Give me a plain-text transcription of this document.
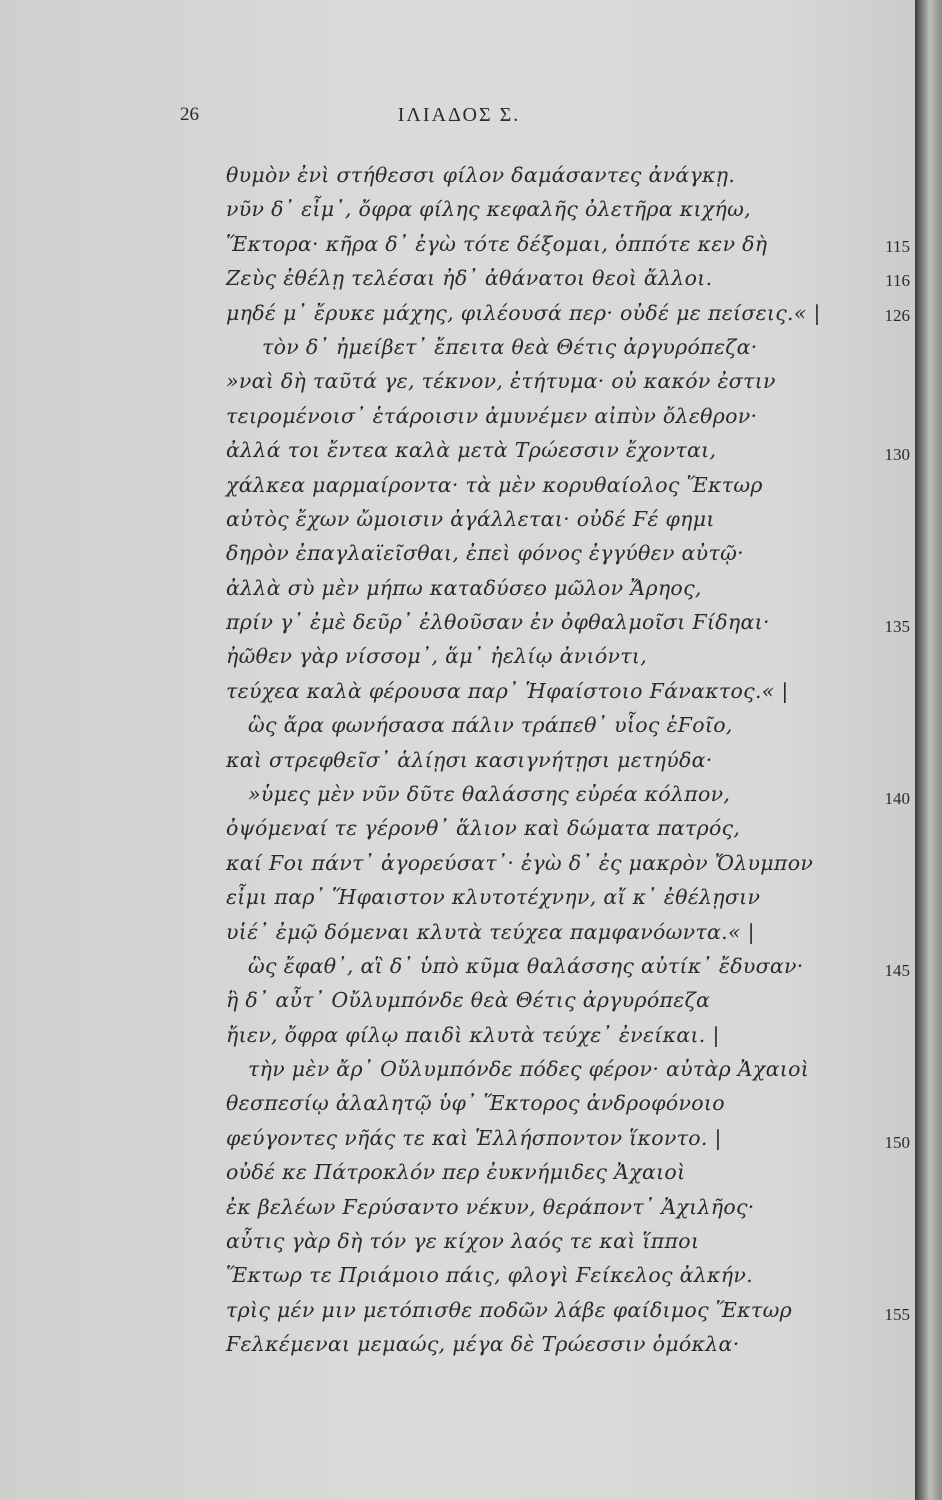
26	ΙΛΙΑΔΟΣ Σ.
θυμὸν ἐνὶ στήθεσσι φίλον δαμάσαντες ἀνάγκῃ.
νῦν δ᾽ εἶμ᾽, ὄφρα φίλης κεφαλῆς ὀλετῆρα κιχήω,
Ἕκτορα· κῆρα δ᾽ ἐγὼ τότε δέξομαι, ὁππότε κεν δὴ
Ζεὺς ἐθέλῃ τελέσαι ἠδ᾽ ἀθάνατοι θεοὶ ἄλλοι.
μηδέ μ᾽ ἔρυκε μάχης, φιλέουσά περ· οὐδέ με πείσεις.« |
τὸν δ᾽ ἠμείβετ᾽ ἔπειτα θεὰ Θέτις ἀργυρόπεζα·
»ναὶ δὴ ταῦτά γε, τέκνον, ἐτήτυμα· οὐ κακόν ἐστιν
τειρομένοισ᾽ ἑτάροισιν ἀμυνέμεν αἰπὺν ὄλεθρον·
ἀλλά τοι ἔντεα καλὰ μετὰ Τρώεσσιν ἔχονται,
χάλκεα μαρμαίροντα· τὰ μὲν κορυθαίολος Ἕκτωρ
αὐτὸς ἔχων ὤμοισιν ἀγάλλεται· οὐδέ Ϝέ φημι
δηρὸν ἐπαγλαϊεῖσθαι, ἐπεὶ φόνος ἐγγύθεν αὐτῷ·
ἀλλὰ σὺ μὲν μήπω καταδύσεο μῶλον Ἄρηος,
πρίν γ᾽ ἐμὲ δεῦρ᾽ ἐλθοῦσαν ἐν ὀφθαλμοῖσι Ϝίδηαι·
ἠῶθεν γὰρ νίσσομ᾽, ἅμ᾽ ἠελίῳ ἀνιόντι,
τεύχεα καλὰ φέρουσα παρ᾽ Ἡφαίστοιο Ϝάνακτος.« |
ὣς ἄρα φωνήσασα πάλιν τράπεθ᾽ υἷος ἑϜοῖο,
καὶ στρεφθεῖσ᾽ ἁλίῃσι κασιγνήτῃσι μετηύδα·
»ὑμες μὲν νῦν δῦτε θαλάσσης εὐρέα κόλπον,
ὀψόμεναί τε γέρονθ᾽ ἅλιον καὶ δώματα πατρός,
καί Ϝοι πάντ᾽ ἀγορεύσατ᾽· ἐγὼ δ᾽ ἐς μακρὸν Ὄλυμπον
εἶμι παρ᾽ Ἥφαιστον κλυτοτέχνην, αἴ κ᾽ ἐθέλῃσιν
υἱέ᾽ ἐμῷ δόμεναι κλυτὰ τεύχεα παμφανόωντα.« |
ὣς ἔφαθ᾽, αἳ δ᾽ ὑπὸ κῦμα θαλάσσης αὐτίκ᾽ ἔδυσαν·
ἣ δ᾽ αὖτ᾽ Οὔλυμπόνδε θεὰ Θέτις ἀργυρόπεζα
ἤιεν, ὄφρα φίλῳ παιδὶ κλυτὰ τεύχε᾽ ἐνείκαι. |
τὴν μὲν ἄρ᾽ Οὔλυμπόνδε πόδες φέρον· αὐτὰρ Ἀχαιοὶ
θεσπεσίῳ ἀλαλητῷ ὑφ᾽ Ἕκτορος ἀνδροφόνοιο
φεύγοντες νῆάς τε καὶ Ἑλλήσποντον ἵκοντο. |
οὐδέ κε Πάτροκλόν περ ἐυκνήμιδες Ἀχαιοὶ
ἐκ βελέων Ϝερύσαντο νέκυν, θεράποντ᾽ Ἀχιλῆος·
αὖτις γὰρ δὴ τόν γε κίχον λαός τε καὶ ἵπποι
Ἕκτωρ τε Πριάμοιο πάις, φλογὶ Ϝείκελος ἀλκήν.
τρὶς μέν μιν μετόπισθε ποδῶν λάβε φαίδιμος Ἕκτωρ
Ϝελκέμεναι μεμαώς, μέγα δὲ Τρώεσσιν ὁμόκλα·
115
116
126
130
135
140
145
150
155
